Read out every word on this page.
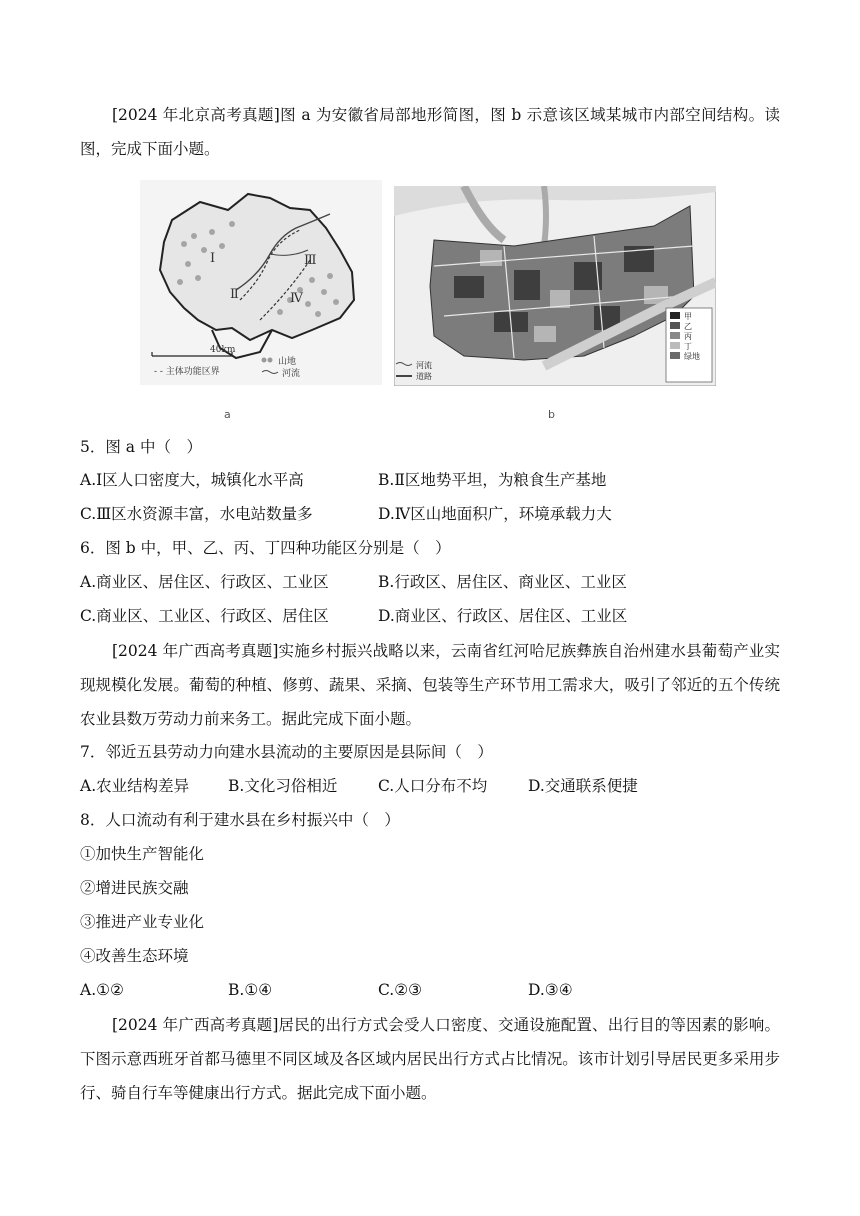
[2024 年北京高考真题]图 a 为安徽省局部地形简图，图 b 示意该区域某城市内部空间结构。读图，完成下面小题。
Ⅰ
Ⅱ
Ⅲ
Ⅳ
40km
- - 主体功能区界
山地
河流
甲
乙
丙
丁
绿地
河流
道路
a	b
5．图 a 中（　）
A.Ⅰ区人口密度大，城镇化水平高	B.Ⅱ区地势平坦，为粮食生产基地
C.Ⅲ区水资源丰富，水电站数量多	D.Ⅳ区山地面积广，环境承载力大
6．图 b 中，甲、乙、丙、丁四种功能区分别是（　）
A.商业区、居住区、行政区、工业区	B.行政区、居住区、商业区、工业区
C.商业区、工业区、行政区、居住区	D.商业区、行政区、居住区、工业区
[2024 年广西高考真题]实施乡村振兴战略以来，云南省红河哈尼族彝族自治州建水县葡萄产业实现规模化发展。葡萄的种植、修剪、蔬果、采摘、包装等生产环节用工需求大，吸引了邻近的五个传统农业县数万劳动力前来务工。据此完成下面小题。
7．邻近五县劳动力向建水县流动的主要原因是县际间（　）
A.农业结构差异	B.文化习俗相近	C.人口分布不均	D.交通联系便捷
8．人口流动有利于建水县在乡村振兴中（　）
①加快生产智能化
②增进民族交融
③推进产业专业化
④改善生态环境
A.①②	B.①④	C.②③	D.③④
[2024 年广西高考真题]居民的出行方式会受人口密度、交通设施配置、出行目的等因素的影响。下图示意西班牙首都马德里不同区域及各区域内居民出行方式占比情况。该市计划引导居民更多采用步行、骑自行车等健康出行方式。据此完成下面小题。
